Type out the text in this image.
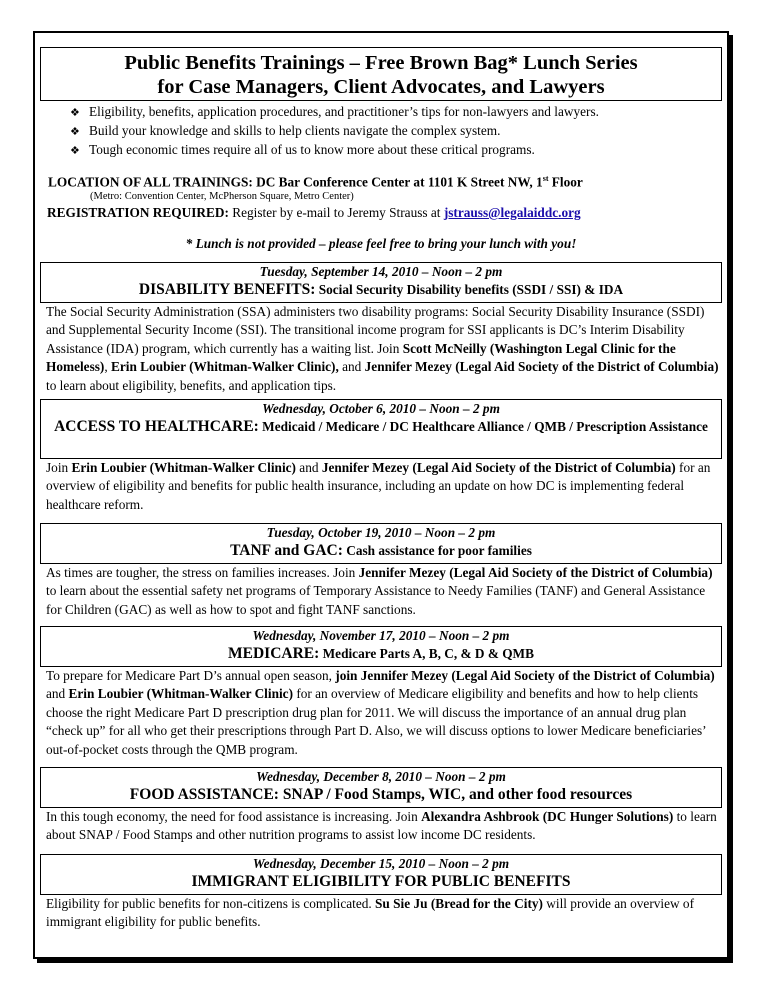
Public Benefits Trainings – Free Brown Bag* Lunch Series
for Case Managers, Client Advocates, and Lawyers
❖ Eligibility, benefits, application procedures, and practitioner’s tips for non-lawyers and lawyers.
❖ Build your knowledge and skills to help clients navigate the complex system.
❖ Tough economic times require all of us to know more about these critical programs.
LOCATION OF ALL TRAININGS: DC Bar Conference Center at 1101 K Street NW, 1st Floor
(Metro: Convention Center, McPherson Square, Metro Center)
REGISTRATION REQUIRED: Register by e-mail to Jeremy Strauss at jstrauss@legalaiddc.org
* Lunch is not provided – please feel free to bring your lunch with you!
Tuesday, September 14, 2010 – Noon – 2 pm
DISABILITY BENEFITS: Social Security Disability benefits (SSDI / SSI) & IDA
The Social Security Administration (SSA) administers two disability programs: Social Security Disability Insurance (SSDI) and Supplemental Security Income (SSI). The transitional income program for SSI applicants is DC’s Interim Disability Assistance (IDA) program, which currently has a waiting list. Join Scott McNeilly (Washington Legal Clinic for the Homeless), Erin Loubier (Whitman-Walker Clinic), and Jennifer Mezey (Legal Aid Society of the District of Columbia) to learn about eligibility, benefits, and application tips.
Wednesday, October 6, 2010 – Noon – 2 pm
ACCESS TO HEALTHCARE: Medicaid / Medicare / DC Healthcare Alliance / QMB / Prescription Assistance
Join Erin Loubier (Whitman-Walker Clinic) and Jennifer Mezey (Legal Aid Society of the District of Columbia) for an overview of eligibility and benefits for public health insurance, including an update on how DC is implementing federal healthcare reform.
Tuesday, October 19, 2010 – Noon – 2 pm
TANF and GAC: Cash assistance for poor families
As times are tougher, the stress on families increases. Join Jennifer Mezey (Legal Aid Society of the District of Columbia) to learn about the essential safety net programs of Temporary Assistance to Needy Families (TANF) and General Assistance for Children (GAC) as well as how to spot and fight TANF sanctions.
Wednesday, November 17, 2010 – Noon – 2 pm
MEDICARE: Medicare Parts A, B, C, & D & QMB
To prepare for Medicare Part D’s annual open season, join Jennifer Mezey (Legal Aid Society of the District of Columbia) and Erin Loubier (Whitman-Walker Clinic) for an overview of Medicare eligibility and benefits and how to help clients choose the right Medicare Part D prescription drug plan for 2011. We will discuss the importance of an annual drug plan “check up” for all who get their prescriptions through Part D. Also, we will discuss options to lower Medicare beneficiaries’ out-of-pocket costs through the QMB program.
Wednesday, December 8, 2010 – Noon – 2 pm
FOOD ASSISTANCE: SNAP / Food Stamps, WIC, and other food resources
In this tough economy, the need for food assistance is increasing. Join Alexandra Ashbrook (DC Hunger Solutions) to learn about SNAP / Food Stamps and other nutrition programs to assist low income DC residents.
Wednesday, December 15, 2010 – Noon – 2 pm
IMMIGRANT ELIGIBILITY FOR PUBLIC BENEFITS
Eligibility for public benefits for non-citizens is complicated. Su Sie Ju (Bread for the City) will provide an overview of immigrant eligibility for public benefits.
